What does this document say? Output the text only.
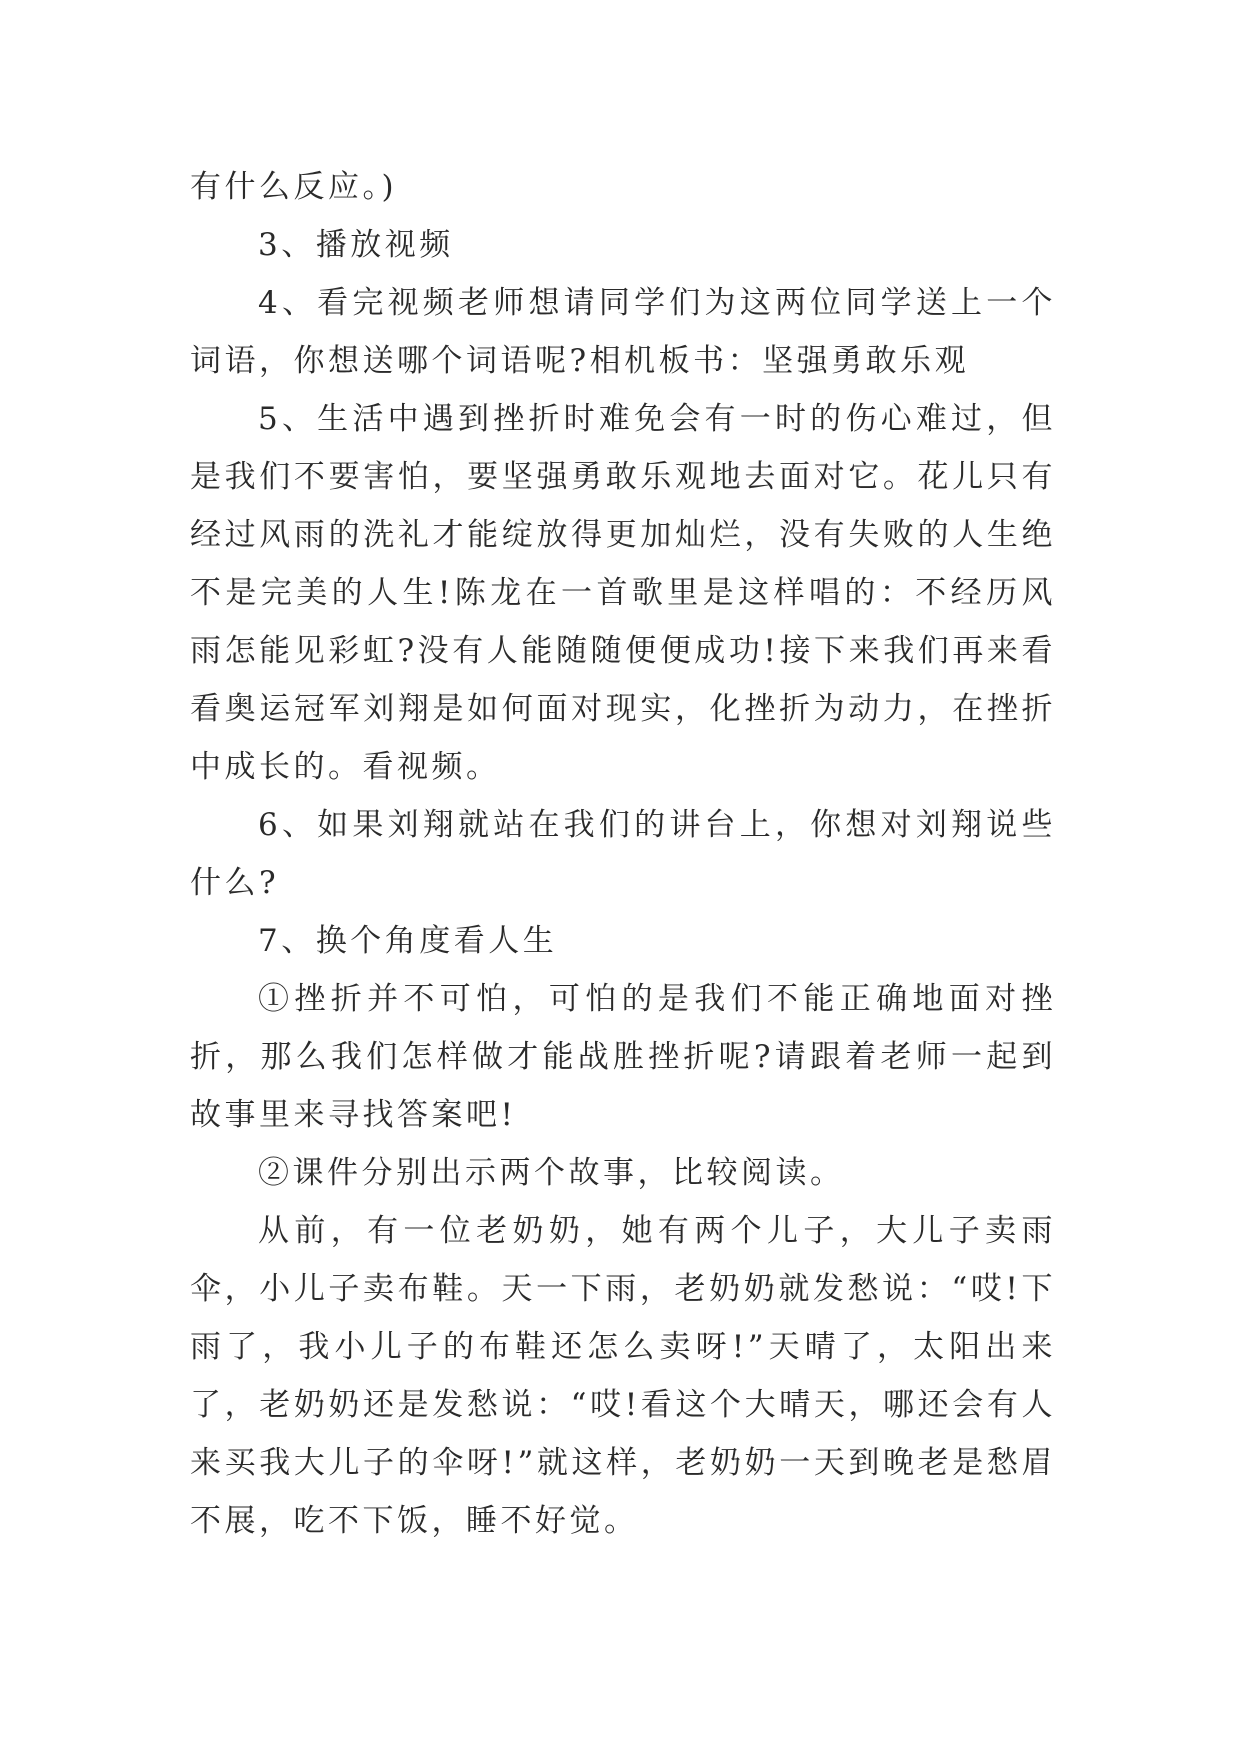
有什么反应。)

3、播放视频

4、看完视频老师想请同学们为这两位同学送上一个词语，你想送哪个词语呢?相机板书：坚强勇敢乐观

5、生活中遇到挫折时难免会有一时的伤心难过，但是我们不要害怕，要坚强勇敢乐观地去面对它。花儿只有经过风雨的洗礼才能绽放得更加灿烂，没有失败的人生绝不是完美的人生!陈龙在一首歌里是这样唱的：不经历风雨怎能见彩虹?没有人能随随便便成功!接下来我们再来看看奥运冠军刘翔是如何面对现实，化挫折为动力，在挫折中成长的。看视频。

6、如果刘翔就站在我们的讲台上，你想对刘翔说些什么?

7、换个角度看人生

①挫折并不可怕，可怕的是我们不能正确地面对挫折，那么我们怎样做才能战胜挫折呢?请跟着老师一起到故事里来寻找答案吧!

②课件分别出示两个故事，比较阅读。

从前，有一位老奶奶，她有两个儿子，大儿子卖雨伞，小儿子卖布鞋。天一下雨，老奶奶就发愁说：“哎!下雨了，我小儿子的布鞋还怎么卖呀!”天晴了，太阳出来了，老奶奶还是发愁说：“哎!看这个大晴天，哪还会有人来买我大儿子的伞呀!”就这样，老奶奶一天到晚老是愁眉不展，吃不下饭，睡不好觉。
